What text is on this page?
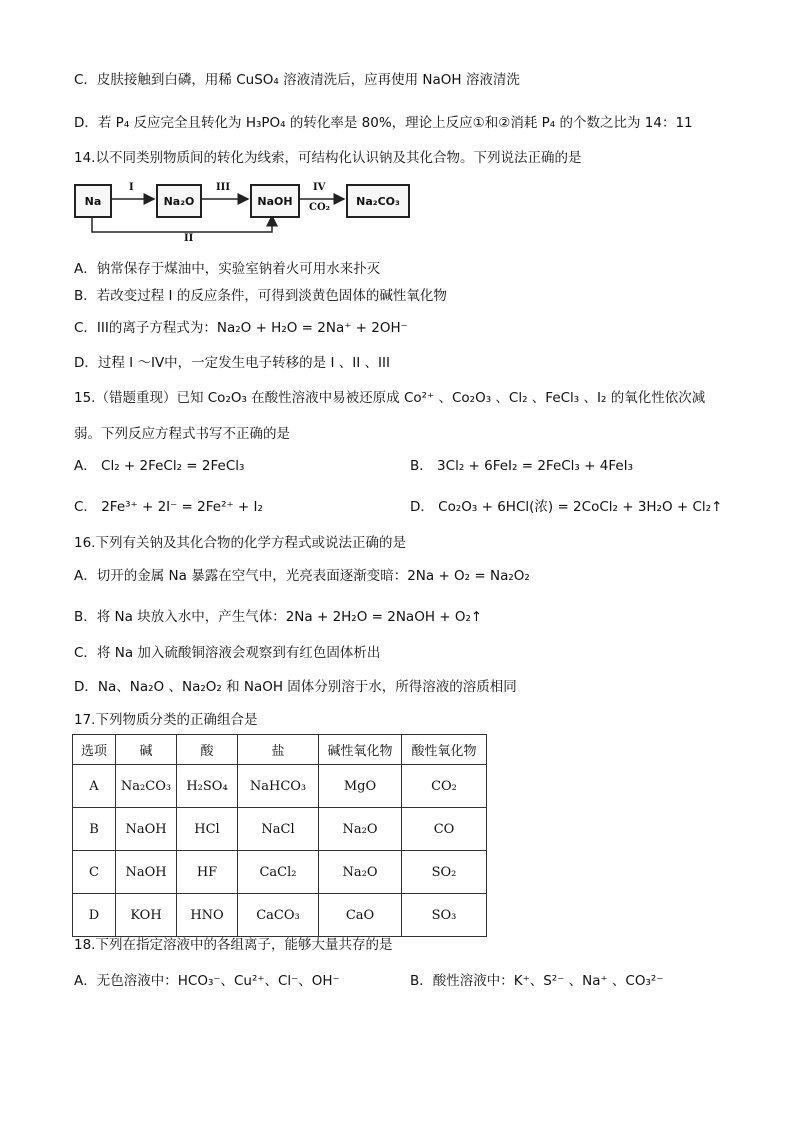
C．皮肤接触到白磷，用稀 CuSO₄ 溶液清洗后，应再使用 NaOH 溶液清洗
D．若 P₄ 反应完全且转化为 H₃PO₄ 的转化率是 80%，理论上反应①和②消耗 P₄ 的个数之比为 14：11
14.以不同类别物质间的转化为线索，可结构化认识钠及其化合物。下列说法正确的是
Na	Na₂O	NaOH	Na₂CO₃
I	III	IV
CO₂
II
A．钠常保存于煤油中，实验室钠着火可用水来扑灭
B．若改变过程 I 的反应条件，可得到淡黄色固体的碱性氧化物
C．III的离子方程式为：Na₂O + H₂O = 2Na⁺ + 2OH⁻
D．过程 I ～IV中，一定发生电子转移的是 I 、II 、III
15.（错题重现）已知 Co₂O₃ 在酸性溶液中易被还原成 Co²⁺ 、Co₂O₃ 、Cl₂ 、FeCl₃ 、I₂ 的氧化性依次减
弱。下列反应方程式书写不正确的是
A． Cl₂ + 2FeCl₂ = 2FeCl₃	B． 3Cl₂ + 6FeI₂ = 2FeCl₃ + 4FeI₃
C． 2Fe³⁺ + 2I⁻ = 2Fe²⁺ + I₂	D． Co₂O₃ + 6HCl(浓) = 2CoCl₂ + 3H₂O + Cl₂↑
16.下列有关钠及其化合物的化学方程式或说法正确的是
A．切开的金属 Na 暴露在空气中，光亮表面逐渐变暗：2Na + O₂ = Na₂O₂
B．将 Na 块放入水中，产生气体：2Na + 2H₂O = 2NaOH + O₂↑
C．将 Na 加入硫酸铜溶液会观察到有红色固体析出
D．Na、Na₂O 、Na₂O₂ 和 NaOH 固体分别溶于水，所得溶液的溶质相同
17.下列物质分类的正确组合是
选项	碱	酸	盐	碱性氧化物	酸性氧化物
A	Na₂CO₃	H₂SO₄	NaHCO₃	MgO	CO₂
B	NaOH	HCl	NaCl	Na₂O	CO
C	NaOH	HF	CaCl₂	Na₂O	SO₂
D	KOH	HNO	CaCO₃	CaO	SO₃
18.下列在指定溶液中的各组离子，能够大量共存的是
A．无色溶液中：HCO₃⁻、Cu²⁺、Cl⁻、OH⁻	B．酸性溶液中：K⁺、S²⁻ 、Na⁺ 、CO₃²⁻
